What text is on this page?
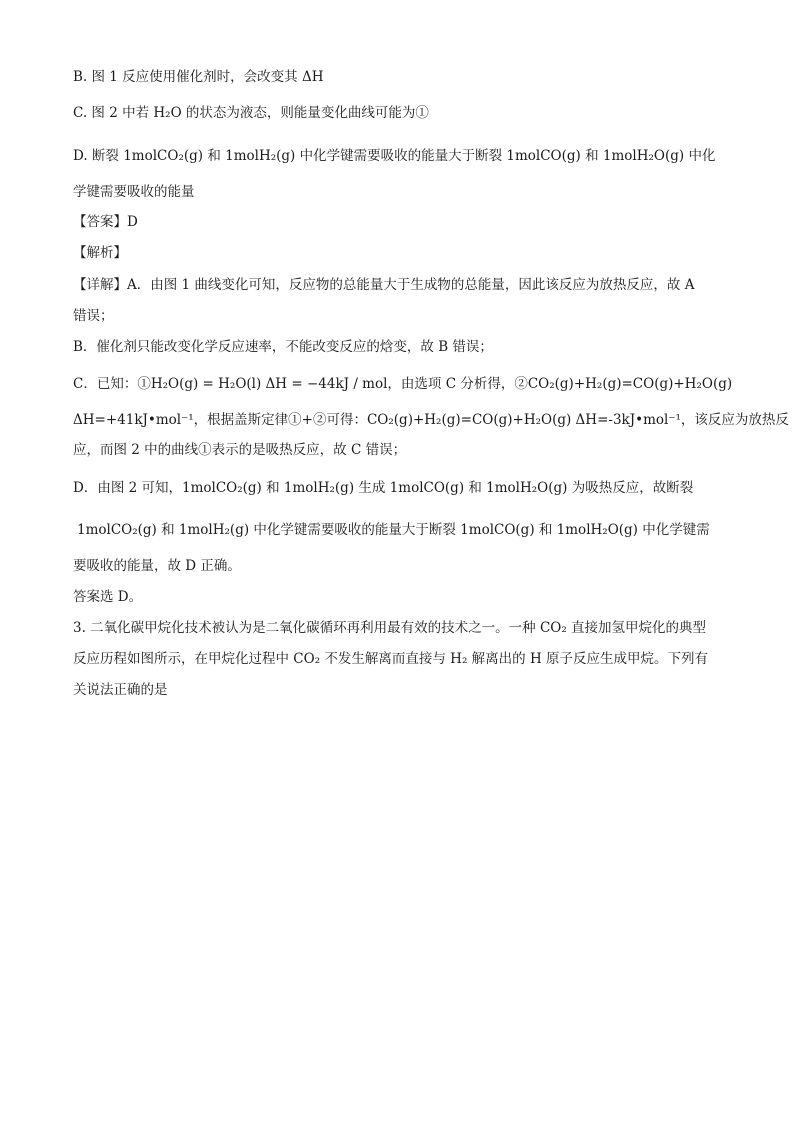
B. 图 1 反应使用催化剂时，会改变其 ΔH
C. 图 2 中若 H₂O 的状态为液态，则能量变化曲线可能为①
D. 断裂 1molCO₂(g) 和 1molH₂(g) 中化学键需要吸收的能量大于断裂 1molCO(g) 和 1molH₂O(g) 中化
学键需要吸收的能量
【答案】D
【解析】
【详解】A．由图 1 曲线变化可知，反应物的总能量大于生成物的总能量，因此该反应为放热反应，故 A
错误；
B．催化剂只能改变化学反应速率，不能改变反应的焓变，故 B 错误；
C．已知：①H₂O(g) = H₂O(l) ΔH = −44kJ / mol，由选项 C 分析得，②CO₂(g)+H₂(g)=CO(g)+H₂O(g)
ΔH=+41kJ•mol⁻¹，根据盖斯定律①+②可得：CO₂(g)+H₂(g)=CO(g)+H₂O(g) ΔH=-3kJ•mol⁻¹，该反应为放热反
应，而图 2 中的曲线①表示的是吸热反应，故 C 错误；
D．由图 2 可知，1molCO₂(g) 和 1molH₂(g) 生成 1molCO(g) 和 1molH₂O(g) 为吸热反应，故断裂
1molCO₂(g) 和 1molH₂(g) 中化学键需要吸收的能量大于断裂 1molCO(g) 和 1molH₂O(g) 中化学键需
要吸收的能量，故 D 正确。
答案选 D。
3. 二氧化碳甲烷化技术被认为是二氧化碳循环再利用最有效的技术之一。一种 CO₂ 直接加氢甲烷化的典型
反应历程如图所示，在甲烷化过程中 CO₂ 不发生解离而直接与 H₂ 解离出的 H 原子反应生成甲烷。下列有
关说法正确的是
